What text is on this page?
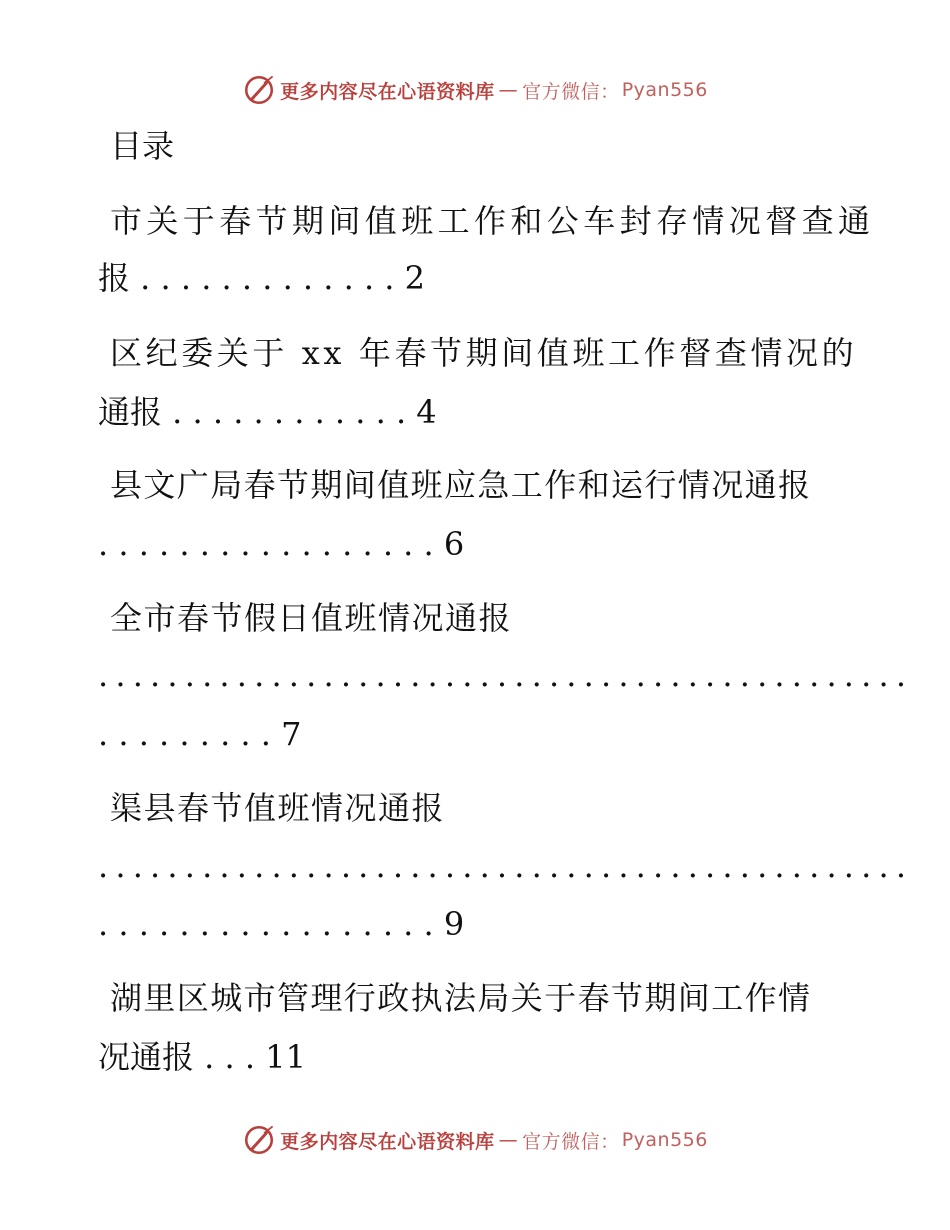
更多内容尽在心语资料库 — 官方微信： Pyan556
目录
市关于春节期间值班工作和公车封存情况督查通
报 . . . . . . . . . . . . . 2
区纪委关于 xx 年春节期间值班工作督查情况的
通报 . . . . . . . . . . . . 4
县文广局春节期间值班应急工作和运行情况通报
. . . . . . . . . . . . . . . . . 6
全市春节假日值班情况通报
. . . . . . . . . . . . . . . . . . . . . . . . . . . . . . . . . . . . . . . . . . . . . . .
. . . . . . . . . 7
渠县春节值班情况通报
. . . . . . . . . . . . . . . . . . . . . . . . . . . . . . . . . . . . . . . . . . . . . . .
. . . . . . . . . . . . . . . . . 9
湖里区城市管理行政执法局关于春节期间工作情
况通报 . . . 11
更多内容尽在心语资料库 — 官方微信： Pyan556
